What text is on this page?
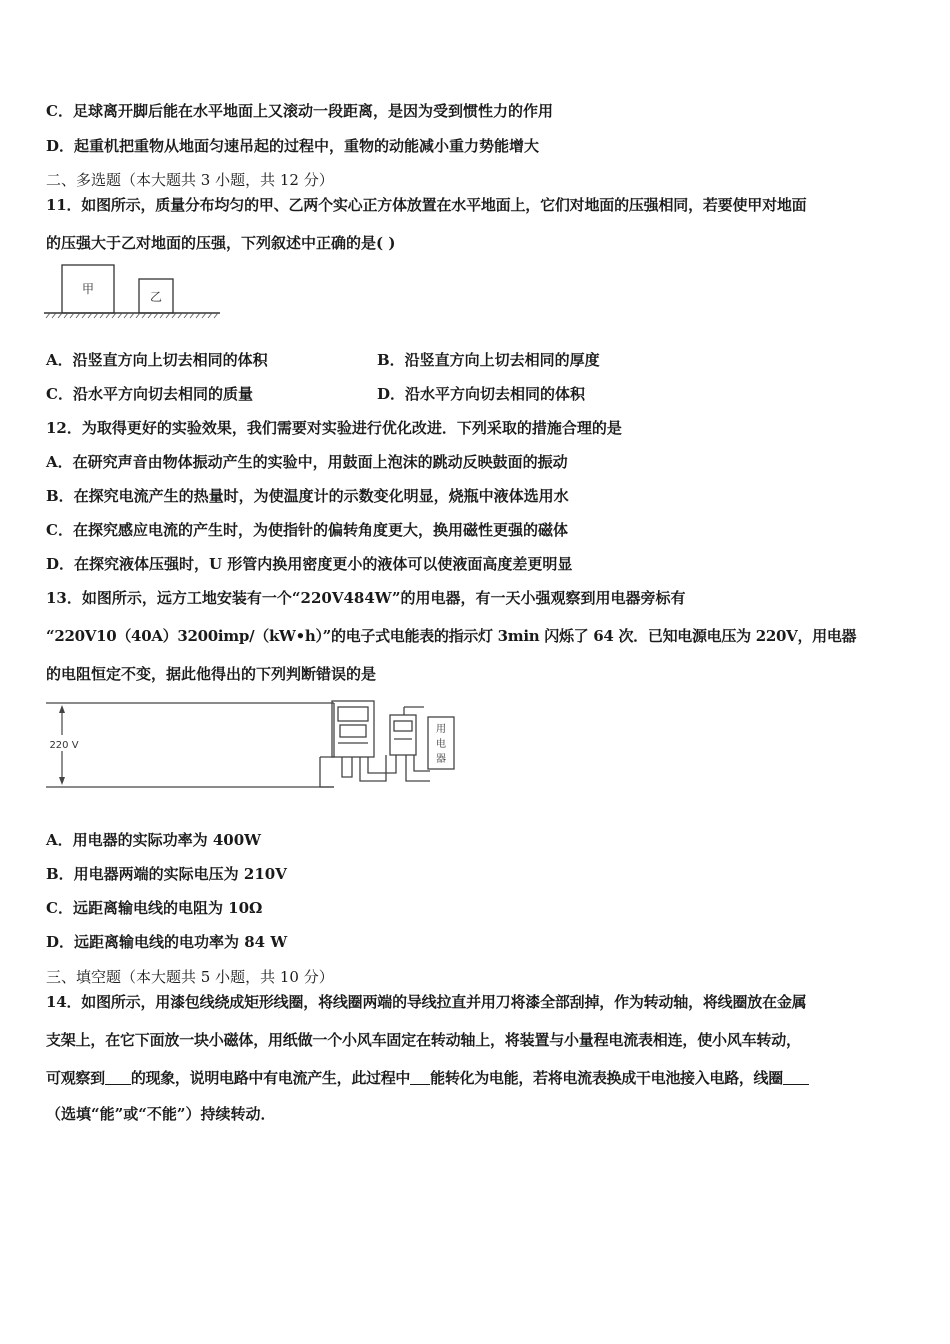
C．足球离开脚后能在水平地面上又滚动一段距离，是因为受到惯性力的作用
D．起重机把重物从地面匀速吊起的过程中，重物的动能减小重力势能增大
二、多选题（本大题共 3 小题，共 12 分）
11．如图所示，质量分布均匀的甲、乙两个实心正方体放置在水平地面上，它们对地面的压强相同，若要使甲对地面
的压强大于乙对地面的压强，下列叙述中正确的是( )
甲
乙
A．沿竖直方向上切去相同的体积	B．沿竖直方向上切去相同的厚度
C．沿水平方向切去相同的质量	D．沿水平方向切去相同的体积
12．为取得更好的实验效果，我们需要对实验进行优化改进．下列采取的措施合理的是
A．在研究声音由物体振动产生的实验中，用鼓面上泡沫的跳动反映鼓面的振动
B．在探究电流产生的热量时，为使温度计的示数变化明显，烧瓶中液体选用水
C．在探究感应电流的产生时，为使指针的偏转角度更大，换用磁性更强的磁体
D．在探究液体压强时，U 形管内换用密度更小的液体可以使液面高度差更明显
13．如图所示，远方工地安装有一个“220V484W”的用电器，有一天小强观察到用电器旁标有
“220V10（40A）3200imp/（kW•h）”的电子式电能表的指示灯 3min 闪烁了 64 次．已知电源电压为 220V，用电器
的电阻恒定不变，据此他得出的下列判断错误的是
220 V
用
电
器
A．用电器的实际功率为 400W
B．用电器两端的实际电压为 210V
C．远距离输电线的电阻为 10Ω
D．远距离输电线的电功率为 84 W
三、填空题（本大题共 5 小题，共 10 分）
14．如图所示，用漆包线绕成矩形线圈，将线圈两端的导线拉直并用刀将漆全部刮掉，作为转动轴，将线圈放在金属
支架上，在它下面放一块小磁体，用纸做一个小风车固定在转动轴上，将装置与小量程电流表相连，使小风车转动，
可观察到 的现象，说明电路中有电流产生，此过程中 能转化为电能，若将电流表换成干电池接入电路，线圈
（选填“能”或“不能”）持续转动．
